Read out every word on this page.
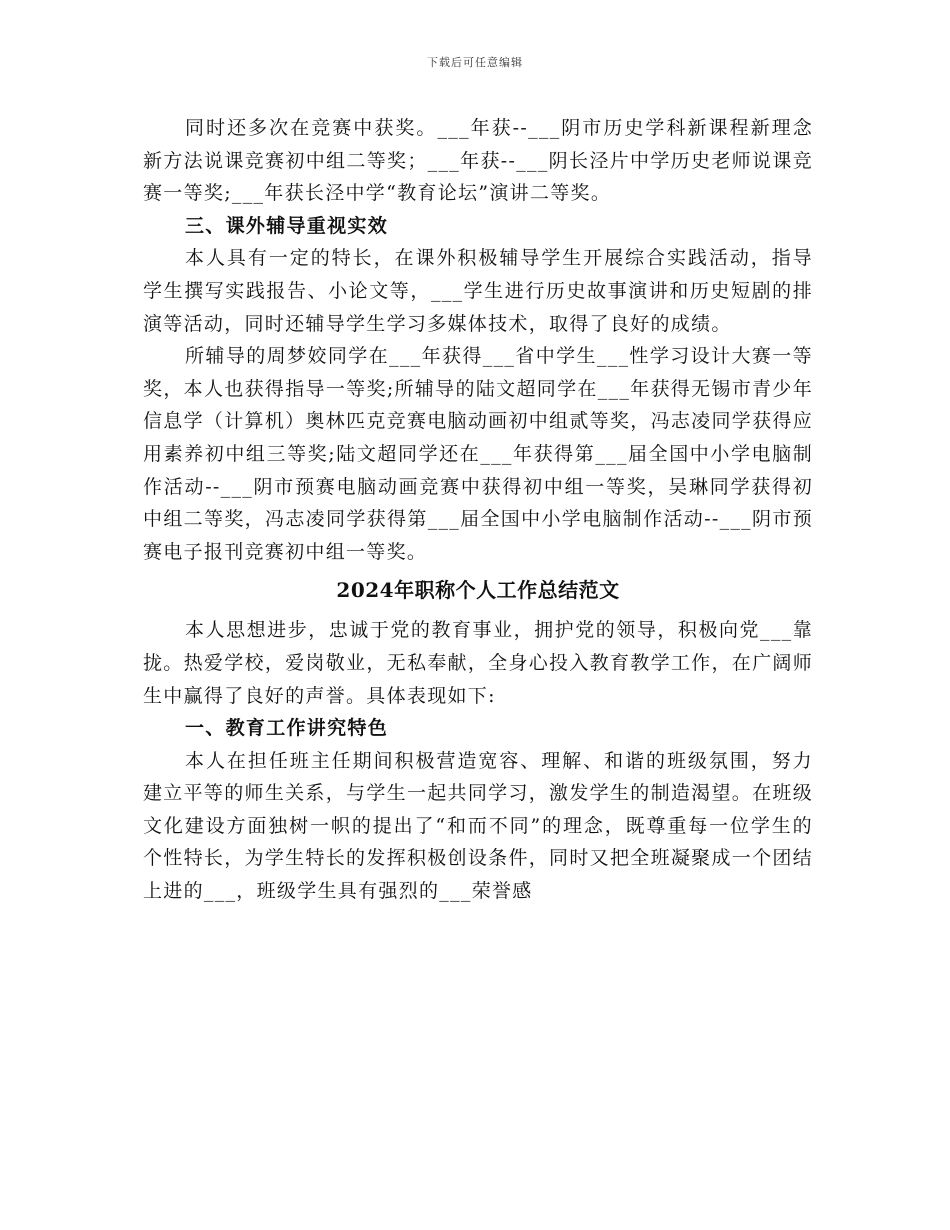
下载后可任意编辑

同时还多次在竞赛中获奖。___年获--___阴市历史学科新课程新理念新方法说课竞赛初中组二等奖；___年获--___阴长泾片中学历史老师说课竞赛一等奖;___年获长泾中学“教育论坛”演讲二等奖。

三、课外辅导重视实效

本人具有一定的特长，在课外积极辅导学生开展综合实践活动，指导学生撰写实践报告、小论文等，___学生进行历史故事演讲和历史短剧的排演等活动，同时还辅导学生学习多媒体技术，取得了良好的成绩。

所辅导的周梦姣同学在___年获得___省中学生___性学习设计大赛一等奖，本人也获得指导一等奖;所辅导的陆文超同学在___年获得无锡市青少年信息学（计算机）奥林匹克竞赛电脑动画初中组贰等奖，冯志凌同学获得应用素养初中组三等奖;陆文超同学还在___年获得第___届全国中小学电脑制作活动--___阴市预赛电脑动画竞赛中获得初中组一等奖，吴琳同学获得初中组二等奖，冯志凌同学获得第___届全国中小学电脑制作活动--___阴市预赛电子报刊竞赛初中组一等奖。

2024年职称个人工作总结范文

本人思想进步，忠诚于党的教育事业，拥护党的领导，积极向党___靠拢。热爱学校，爱岗敬业，无私奉献，全身心投入教育教学工作，在广阔师生中赢得了良好的声誉。具体表现如下:

一、教育工作讲究特色

本人在担任班主任期间积极营造宽容、理解、和谐的班级氛围，努力建立平等的师生关系，与学生一起共同学习，激发学生的制造渴望。在班级文化建设方面独树一帜的提出了“和而不同”的理念，既尊重每一位学生的个性特长，为学生特长的发挥积极创设条件，同时又把全班凝聚成一个团结上进的___，班级学生具有强烈的___荣誉感
